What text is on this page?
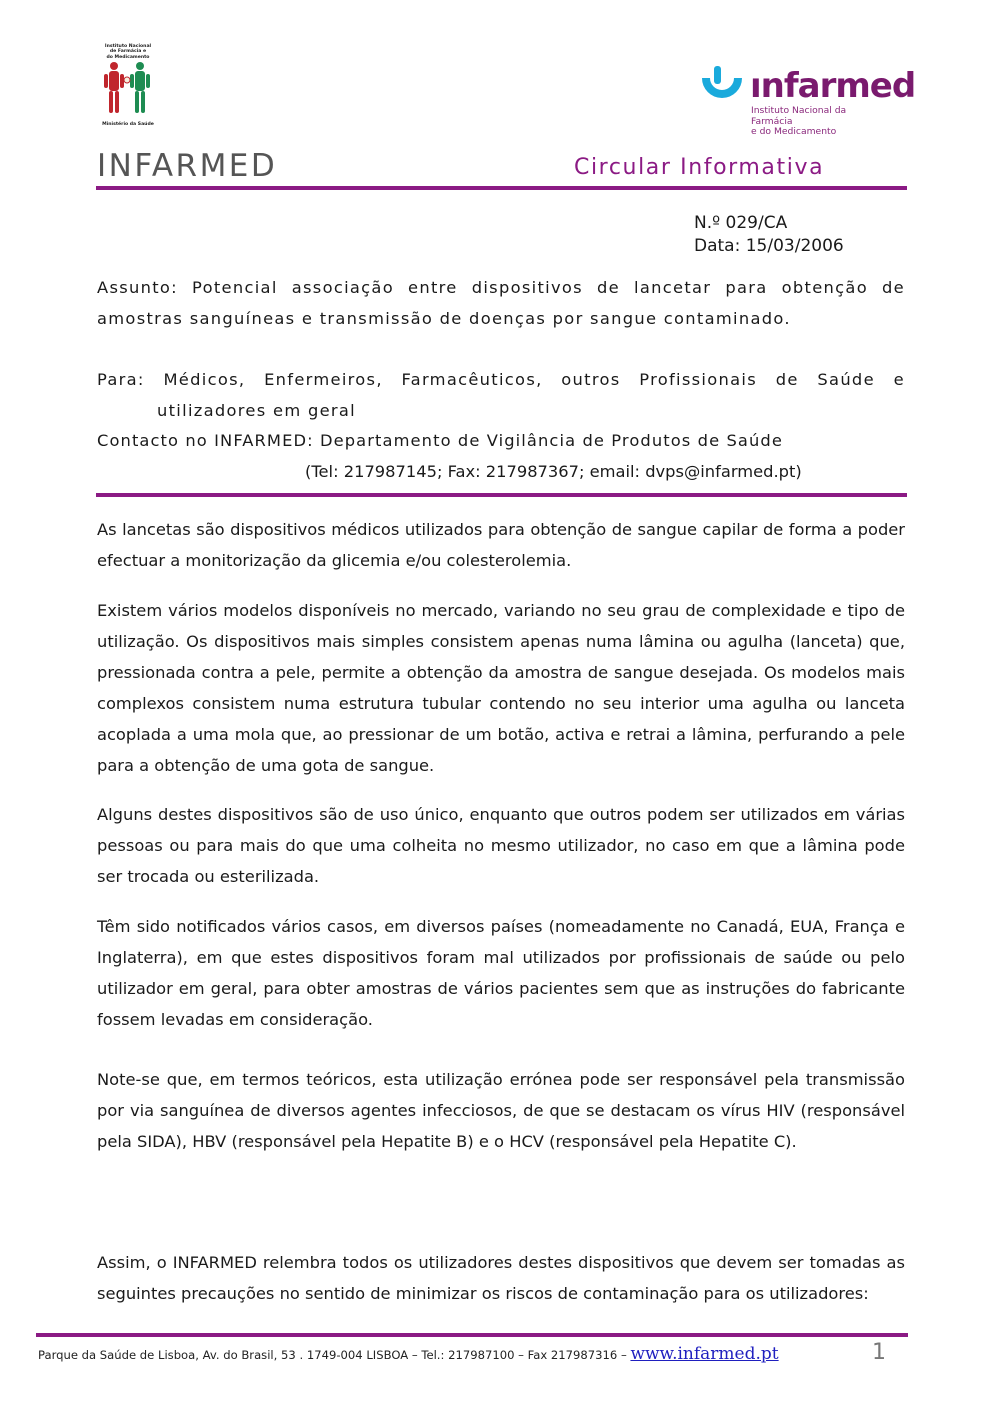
Instituto Nacional
de Farmácia e
do Medicamento
Ministério da Saúde
ınfarmed
Instituto Nacional da Farmácia
e do Medicamento
INFARMED	Circular Informativa
N.º 029/CA
Data: 15/03/2006
Assunto: Potencial associação entre dispositivos de lancetar para obtenção de amostras sanguíneas e transmissão de doenças por sangue contaminado.
Para: Médicos, Enfermeiros, Farmacêuticos, outros Profissionais de Saúde e
utilizadores em geral
Contacto no INFARMED: Departamento de Vigilância de Produtos de Saúde
(Tel: 217987145; Fax: 217987367; email: dvps@infarmed.pt)
As lancetas são dispositivos médicos utilizados para obtenção de sangue capilar de forma a poder efectuar a monitorização da glicemia e/ou colesterolemia.
Existem vários modelos disponíveis no mercado, variando no seu grau de complexidade e tipo de utilização. Os dispositivos mais simples consistem apenas numa lâmina ou agulha (lanceta) que, pressionada contra a pele, permite a obtenção da amostra de sangue desejada. Os modelos mais complexos consistem numa estrutura tubular contendo no seu interior uma agulha ou lanceta acoplada a uma mola que, ao pressionar de um botão, activa e retrai a lâmina, perfurando a pele para a obtenção de uma gota de sangue.
Alguns destes dispositivos são de uso único, enquanto que outros podem ser utilizados em várias pessoas ou para mais do que uma colheita no mesmo utilizador, no caso em que a lâmina pode ser trocada ou esterilizada.
Têm sido notificados vários casos, em diversos países (nomeadamente no Canadá, EUA, França e Inglaterra), em que estes dispositivos foram mal utilizados por profissionais de saúde ou pelo utilizador em geral, para obter amostras de vários pacientes sem que as instruções do fabricante fossem levadas em consideração.
Note-se que, em termos teóricos, esta utilização errónea pode ser responsável pela transmissão por via sanguínea de diversos agentes infecciosos, de que se destacam os vírus HIV (responsável pela SIDA), HBV (responsável pela Hepatite B) e o HCV (responsável pela Hepatite C).
Assim, o INFARMED relembra todos os utilizadores destes dispositivos que devem ser tomadas as seguintes precauções no sentido de minimizar os riscos de contaminação para os utilizadores:
Parque da Saúde de Lisboa, Av. do Brasil, 53 . 1749-004 LISBOA – Tel.: 217987100 – Fax 217987316 – www.infarmed.pt	1
